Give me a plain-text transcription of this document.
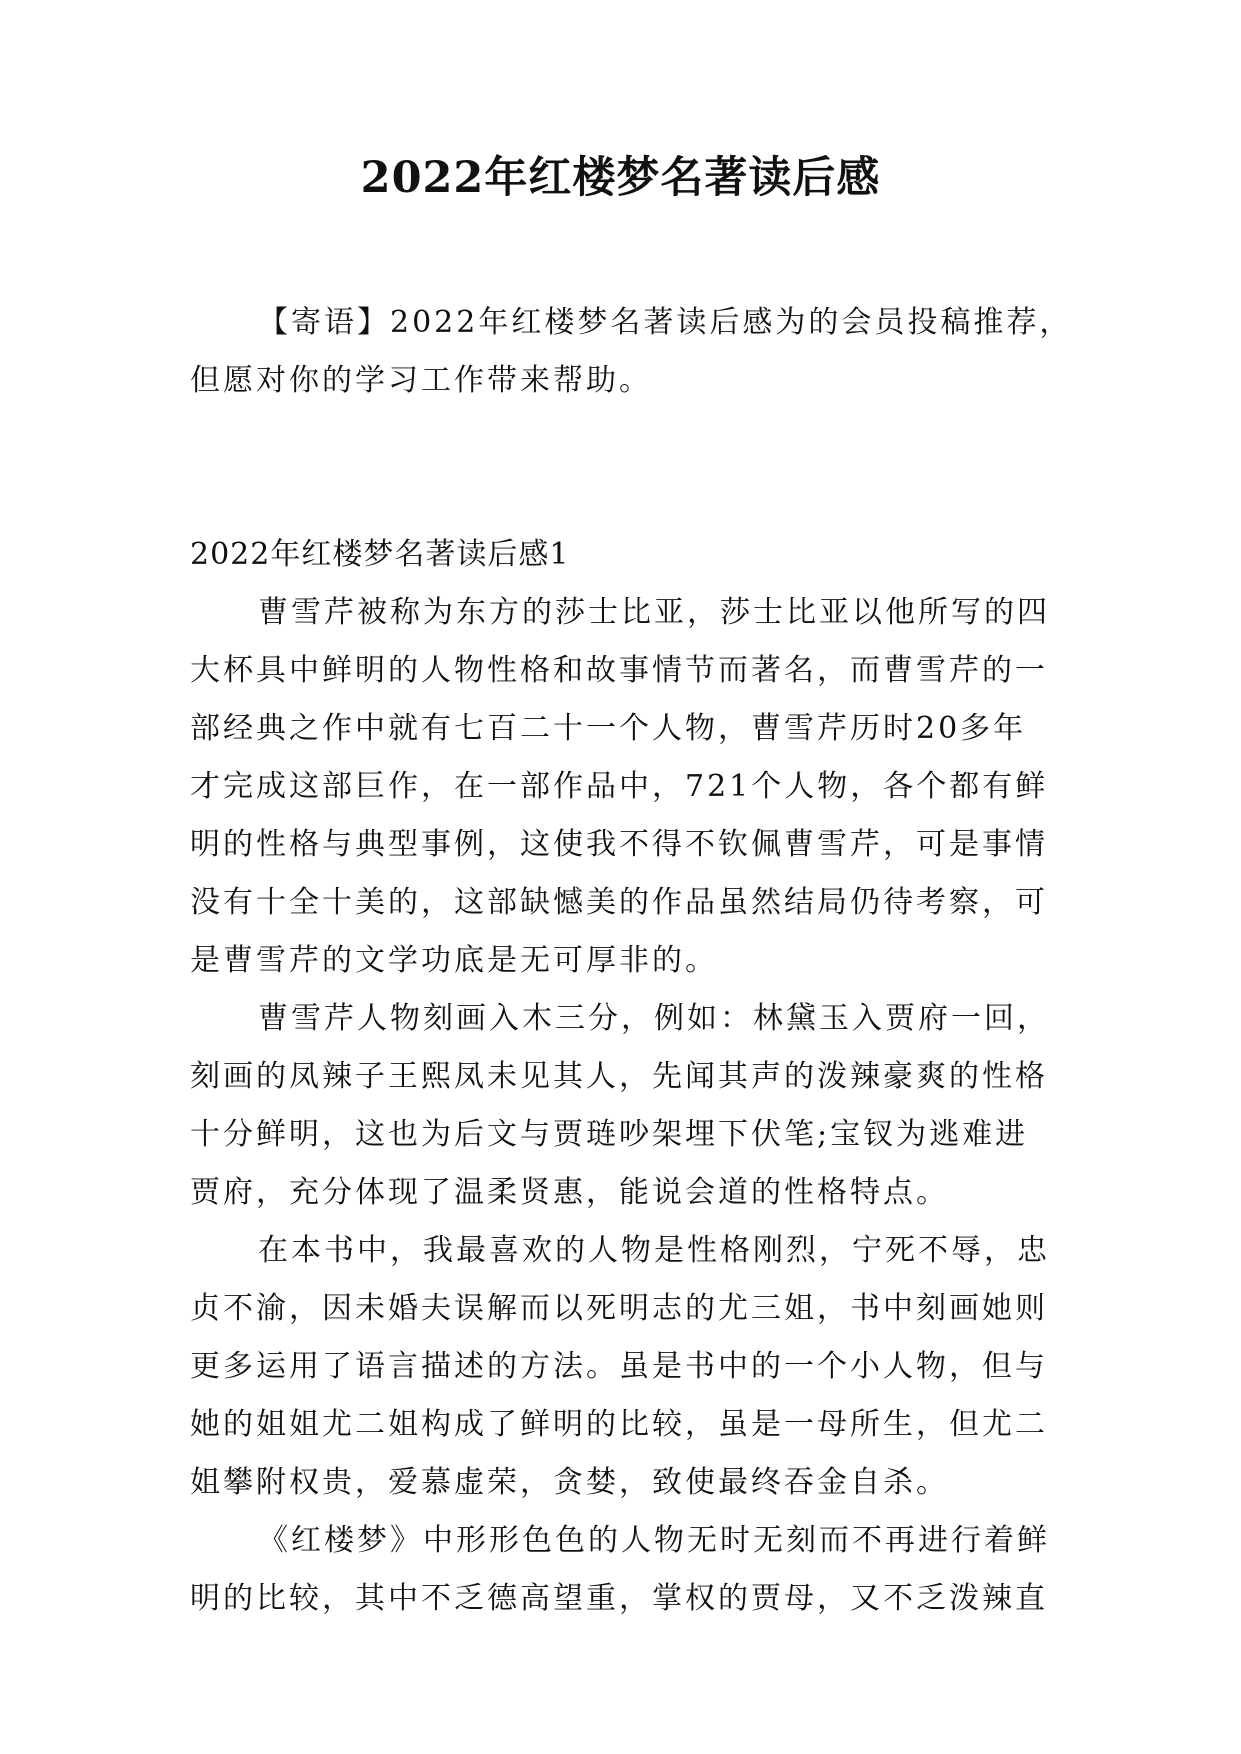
2022年红楼梦名著读后感

【寄语】2022年红楼梦名著读后感为的会员投稿推荐，
但愿对你的学习工作带来帮助。

2022年红楼梦名著读后感1

曹雪芹被称为东方的莎士比亚，莎士比亚以他所写的四
大杯具中鲜明的人物性格和故事情节而著名，而曹雪芹的一
部经典之作中就有七百二十一个人物，曹雪芹历时20多年
才完成这部巨作，在一部作品中，721个人物，各个都有鲜
明的性格与典型事例，这使我不得不钦佩曹雪芹，可是事情
没有十全十美的，这部缺憾美的作品虽然结局仍待考察，可
是曹雪芹的文学功底是无可厚非的。

曹雪芹人物刻画入木三分，例如：林黛玉入贾府一回，
刻画的凤辣子王熙凤未见其人，先闻其声的泼辣豪爽的性格
十分鲜明，这也为后文与贾琏吵架埋下伏笔;宝钗为逃难进
贾府，充分体现了温柔贤惠，能说会道的性格特点。

在本书中，我最喜欢的人物是性格刚烈，宁死不辱，忠
贞不渝，因未婚夫误解而以死明志的尤三姐，书中刻画她则
更多运用了语言描述的方法。虽是书中的一个小人物，但与
她的姐姐尤二姐构成了鲜明的比较，虽是一母所生，但尤二
姐攀附权贵，爱慕虚荣，贪婪，致使最终吞金自杀。

《红楼梦》中形形色色的人物无时无刻而不再进行着鲜
明的比较，其中不乏德高望重，掌权的贾母，又不乏泼辣直
